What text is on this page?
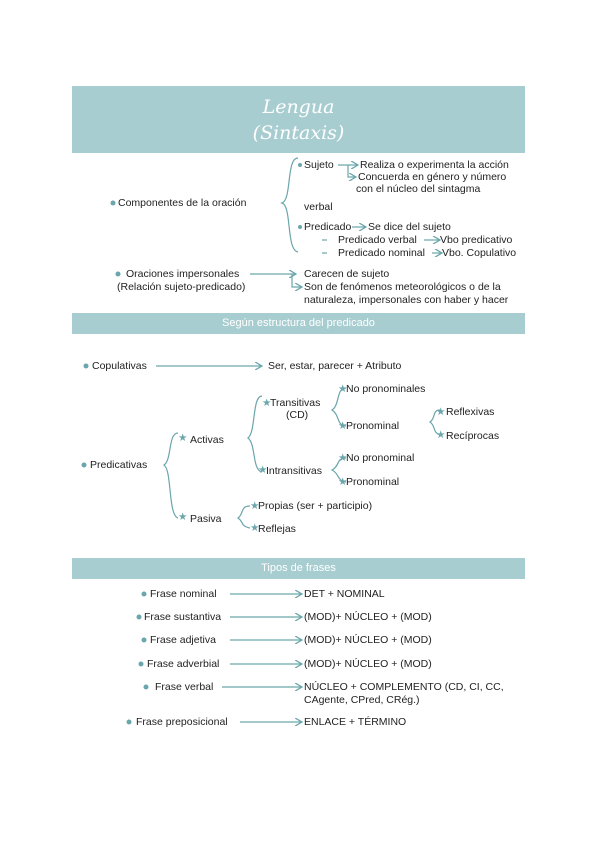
Lengua
(Sintaxis)
Componentes de la oración
Sujeto Realiza o experimenta la acción
Concuerda en género y número
con el núcleo del sintagma
verbal
Predicado Se dice del sujeto
Predicado verbal Vbo predicativo
Predicado nominal Vbo. Copulativo
Oraciones impersonales
(Relación sujeto-predicado)
Carecen de sujeto
Son de fenómenos meteorológicos o de la
naturaleza, impersonales con haber y hacer
Según estructura del predicado
Copulativas	Ser, estar, parecer + Atributo
Predicativas
★ Activas
★
Transitivas
(CD)
★
No pronominales
★
Pronominal
★ Reflexivas
★ Recíprocas
★
Intransitivas
★
No pronominal
★
Pronominal
★ Pasiva
★
Propias (ser + participio)
★
Reflejas
Tipos de frases
Frase nominal	DET + NOMINAL
Frase sustantiva	(MOD)+ NÚCLEO + (MOD)
Frase adjetiva	(MOD)+ NÚCLEO + (MOD)
Frase adverbial	(MOD)+ NÚCLEO + (MOD)
Frase verbal	NÚCLEO + COMPLEMENTO (CD, CI, CC,
CAgente, CPred, CRég.)
Frase preposicional	ENLACE + TÉRMINO
